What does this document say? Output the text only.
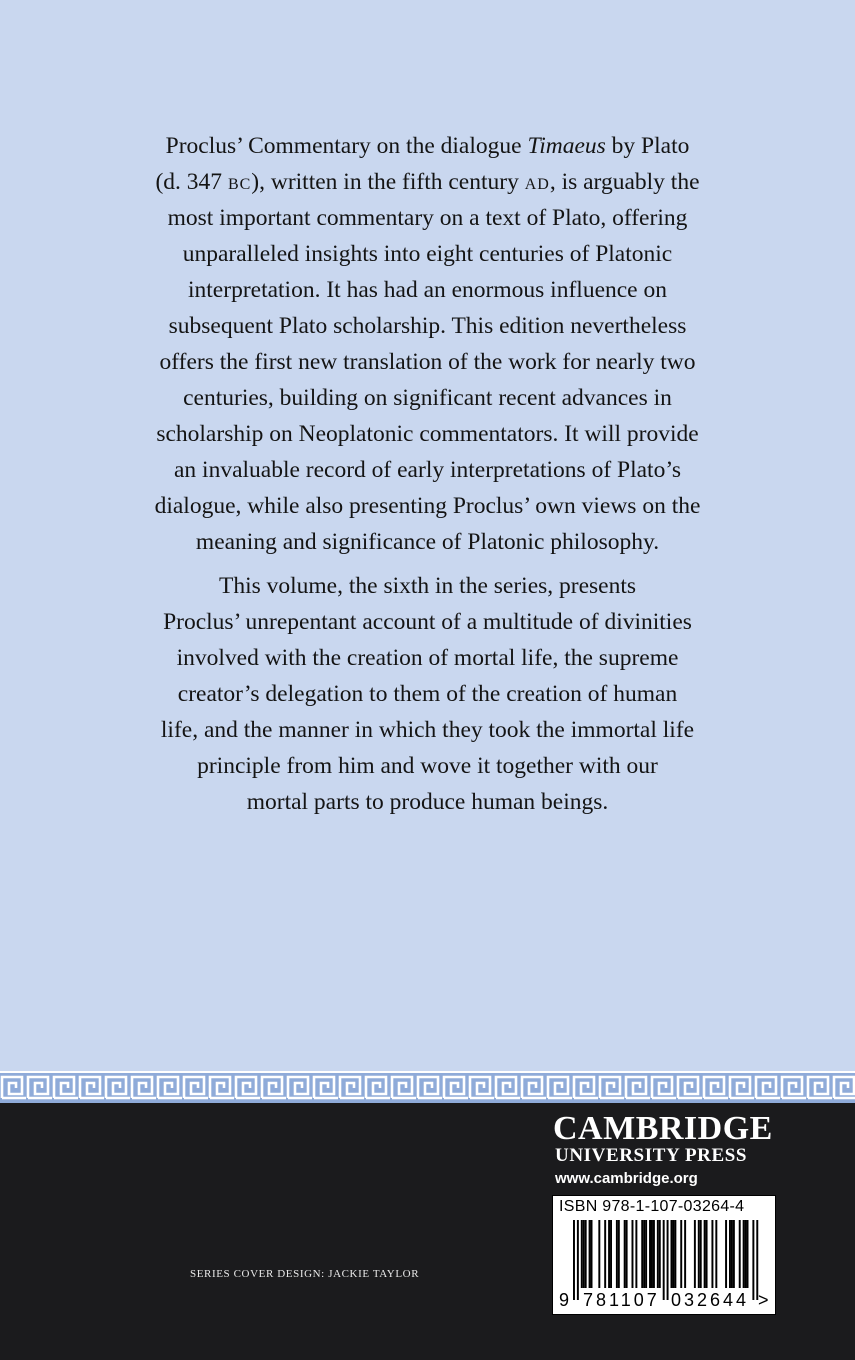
Proclus’ Commentary on the dialogue Timaeus by Plato
(d. 347 bc), written in the fifth century ad, is arguably the
most important commentary on a text of Plato, offering
unparalleled insights into eight centuries of Platonic
interpretation. It has had an enormous influence on
subsequent Plato scholarship. This edition nevertheless
offers the first new translation of the work for nearly two
centuries, building on significant recent advances in
scholarship on Neoplatonic commentators. It will provide
an invaluable record of early interpretations of Plato’s
dialogue, while also presenting Proclus’ own views on the
meaning and significance of Platonic philosophy.
This volume, the sixth in the series, presents
Proclus’ unrepentant account of a multitude of divinities
involved with the creation of mortal life, the supreme
creator’s delegation to them of the creation of human
life, and the manner in which they took the immortal life
principle from him and wove it together with our
mortal parts to produce human beings.
SERIES COVER DESIGN: JACKIE TAYLOR
CAMBRIDGE
UNIVERSITY PRESS
www.cambridge.org
ISBN 978-1-107-03264-4
9 781107 032644 >
